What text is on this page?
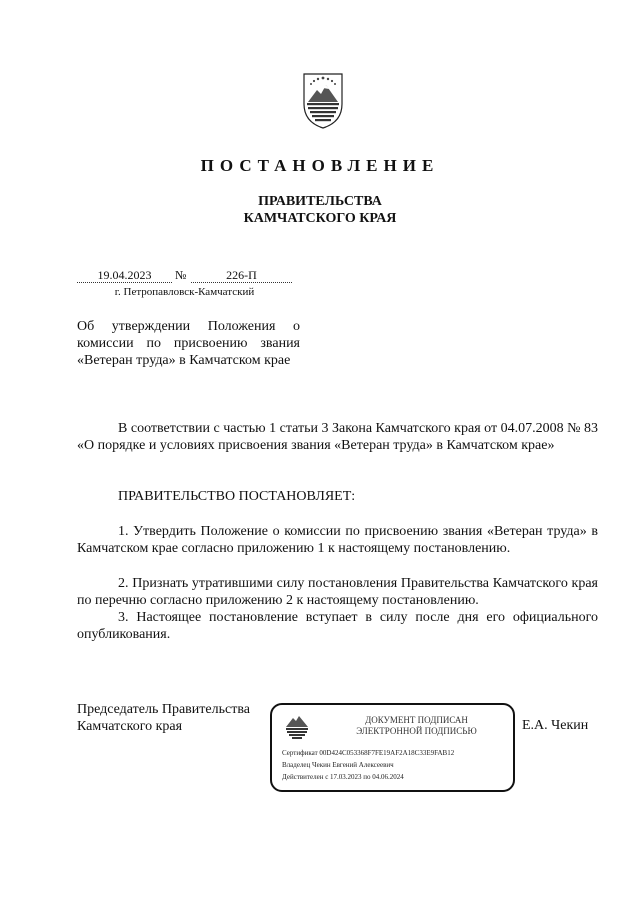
ПОСТАНОВЛЕНИЕ
ПРАВИТЕЛЬСТВА
КАМЧАТСКОГО КРАЯ
19.04.2023	№	226-П
г. Петропавловск-Камчатский
Об утверждении Положения о комиссии по присвоению звания «Ветеран труда» в Камчатском крае
В соответствии с частью 1 статьи 3 Закона Камчатского края от 04.07.2008 № 83 «О порядке и условиях присвоения звания «Ветеран труда» в Камчатском крае»
ПРАВИТЕЛЬСТВО ПОСТАНОВЛЯЕТ:
1. Утвердить Положение о комиссии по присвоению звания «Ветеран труда» в Камчатском крае согласно приложению 1 к настоящему постановлению.
2. Признать утратившими силу постановления Правительства Камчатского края по перечню согласно приложению 2 к настоящему постановлению.
3. Настоящее постановление вступает в силу после дня его официального опубликования.
Председатель Правительства
Камчатского края	ДОКУМЕНТ ПОДПИСАН
ЭЛЕКТРОННОЙ ПОДПИСЬЮ
Сертификат 00D424C053368F7FE19AF2A18C33E9FAB12
Владелец Чекин Евгений Алексеевич
Действителен с 17.03.2023 по 04.06.2024
Е.А. Чекин
